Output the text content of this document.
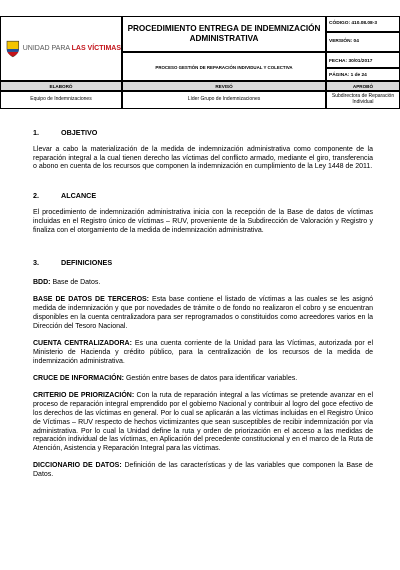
UNIDAD PARA LAS VÍCTIMAS
PROCEDIMIENTO ENTREGA DE INDEMNIZACIÓN ADMINISTRATIVA
PROCESO GESTIÓN DE REPARACIÓN INDIVIDUAL Y COLECTIVA
CÓDIGO: 410.08.08-3
VERSIÓN: 04
FECHA: 30/01/2017
PÁGINA: 1 de 24
ELABORÓ	REVISÓ	APROBÓ
Equipo de Indemnizaciones	Líder Grupo de Indemnizaciones	Subdirectora de Reparación Individual
1.	OBJETIVO

Llevar a cabo la materialización de la medida de indemnización administrativa como componente de la reparación integral a la cual tienen derecho las víctimas del conflicto armado, mediante el giro, transferencia o abono en cuenta de los recursos que componen la indemnización en cumplimiento de la Ley 1448 de 2011.

2.	ALCANCE

El procedimiento de indemnización administrativa inicia con la recepción de la Base de datos de víctimas incluidas en el Registro único de víctimas – RUV, proveniente de la Subdirección de Valoración y Registro y finaliza con el otorgamiento de la medida de indemnización administrativa.

3.	DEFINICIONES

BDD: Base de Datos.

BASE DE DATOS DE TERCEROS: Esta base contiene el listado de víctimas a las cuales se les asignó medida de indemnización y que por novedades de trámite o de fondo no realizaron el cobro y se encuentran disponibles en la cuenta centralizadora para ser reprogramados o constituidos como acreedores varios en la Dirección del Tesoro Nacional.

CUENTA CENTRALIZADORA: Es una cuenta corriente de la Unidad para las Víctimas, autorizada por el Ministerio de Hacienda y crédito público, para la centralización de los recursos de la medida de indemnización administrativa.

CRUCE DE INFORMACIÓN: Gestión entre bases de datos para identificar variables.

CRITERIO DE PRIORIZACIÓN: Con la ruta de reparación integral a las víctimas se pretende avanzar en el proceso de reparación integral emprendido por el gobierno Nacional y contribuir al logro del goce efectivo de los derechos de las víctimas en general. Por lo cual se aplicarán a las víctimas incluidas en el Registro Único de Víctimas – RUV respecto de hechos victimizantes que sean susceptibles de recibir indemnización por vía administrativa. Por lo cual la Unidad define la ruta y orden de priorización en el acceso a las medidas de reparación individual de las víctimas, en Aplicación del precedente constitucional y en el marco de la Ruta de Atención, Asistencia y Reparación Integral para las víctimas.

DICCIONARIO DE DATOS: Definición de las características y de las variables que componen la Base de Datos.
